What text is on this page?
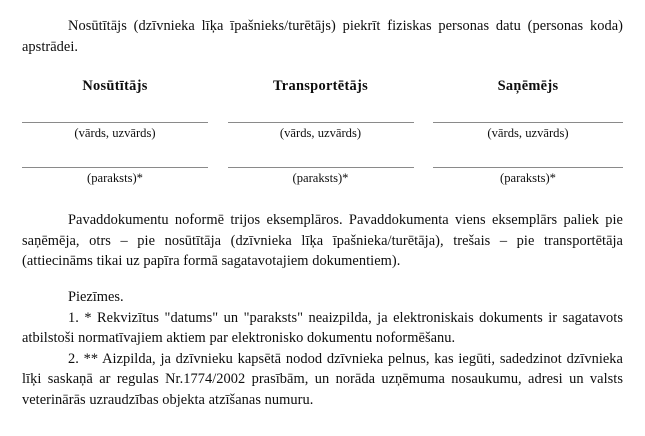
Nosūtītājs (dzīvnieka līķa īpašnieks/turētājs) piekrīt fiziskas personas datu (personas koda) apstrādei.

Nosūtītājs	Transportētājs	Saņēmējs
(vārds, uzvārds)	(vārds, uzvārds)	(vārds, uzvārds)
(paraksts)*	(paraksts)*	(paraksts)*

Pavaddokumentu noformē trijos eksemplāros. Pavaddokumenta viens eksemplārs paliek pie saņēmēja, otrs – pie nosūtītāja (dzīvnieka līķa īpašnieka/turētāja), trešais – pie transportētāja (attiecināms tikai uz papīra formā sagatavotajiem dokumentiem).

Piezīmes.

1. * Rekvizītus "datums" un "paraksts" neaizpilda, ja elektroniskais dokuments ir sagatavots atbilstoši normatīvajiem aktiem par elektronisko dokumentu noformēšanu.

2. ** Aizpilda, ja dzīvnieku kapsētā nodod dzīvnieka pelnus, kas iegūti, sadedzinot dzīvnieka līķi saskaņā ar regulas Nr.1774/2002 prasībām, un norāda uzņēmuma nosaukumu, adresi un valsts veterinārās uzraudzības objekta atzīšanas numuru.
